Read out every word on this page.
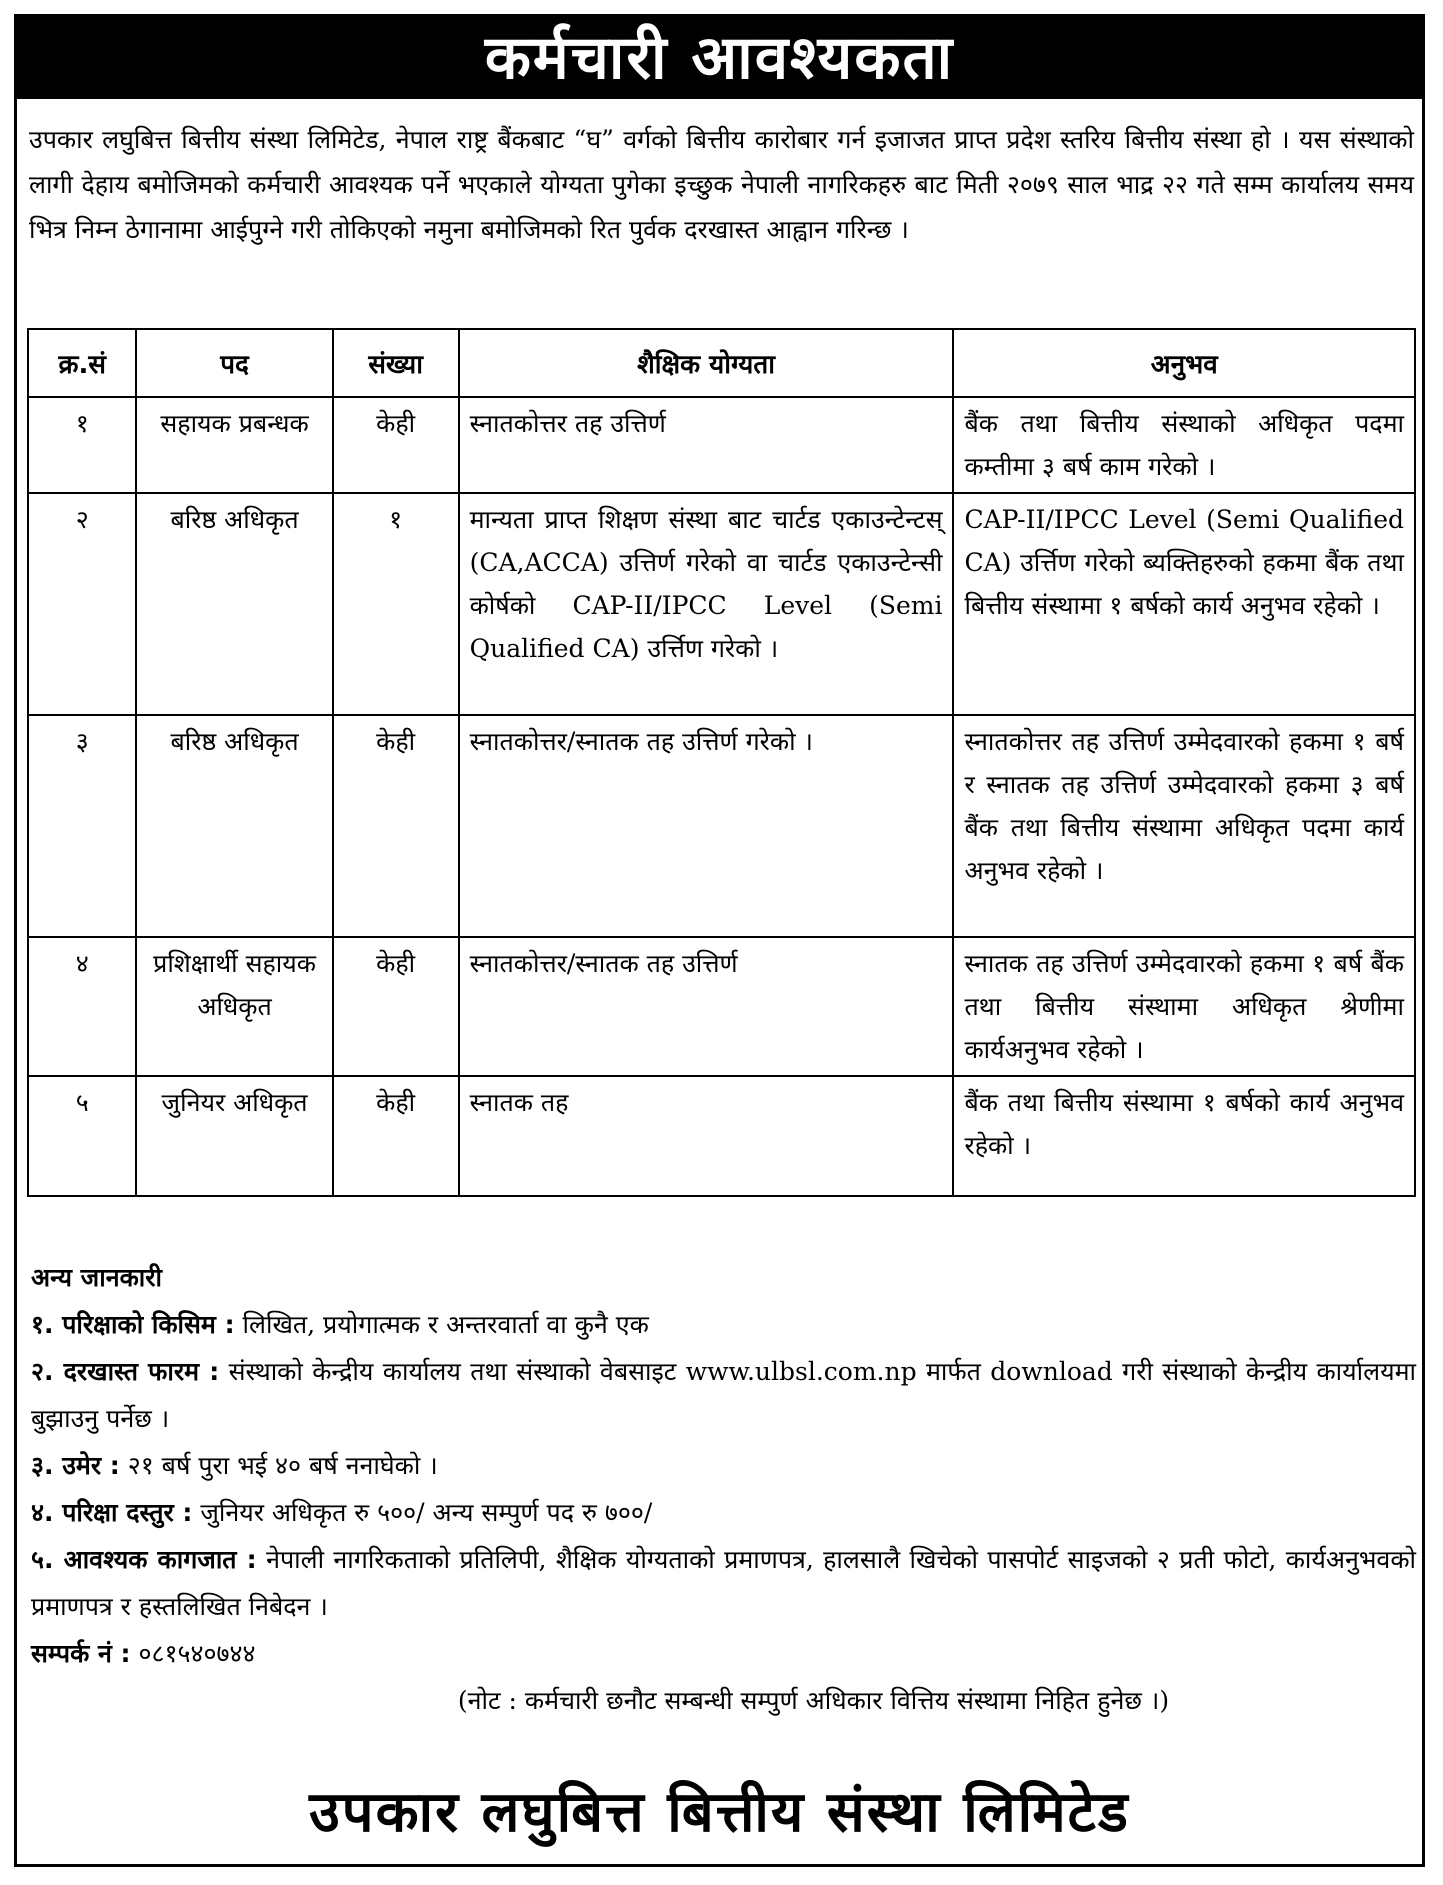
कर्मचारी आवश्यकता
उपकार लघुबित्त बित्तीय संस्था लिमिटेड, नेपाल राष्ट्र बैंकबाट “घ” वर्गको बित्तीय कारोबार गर्न इजाजत प्राप्त प्रदेश स्तरिय बित्तीय संस्था हो । यस संस्थाको लागी देहाय बमोजिमको कर्मचारी आवश्यक पर्ने भएकाले योग्यता पुगेका इच्छुक नेपाली नागरिकहरु बाट मिती २०७९ साल भाद्र २२ गते सम्म कार्यालय समय भित्र निम्न ठेगानामा आईपुग्ने गरी तोकिएको नमुना बमोजिमको रित पुर्वक दरखास्त आह्वान गरिन्छ ।
क्र.सं	पद	संख्या	शैक्षिक योग्यता	अनुभव
१	सहायक प्रबन्धक	केही	स्नातकोत्तर तह उत्तिर्ण	बैंक तथा बित्तीय संस्थाको अधिकृत पदमा कम्तीमा ३ बर्ष काम गरेको ।
२	बरिष्ठ अधिकृत	१	मान्यता प्राप्त शिक्षण संस्था बाट चार्टड एकाउन्टेन्टस् (CA,ACCA) उत्तिर्ण गरेको वा चार्टड एकाउन्टेन्सी कोर्षको CAP-II/IPCC Level (Semi Qualified CA) उर्त्तिण गरेको ।	CAP-II/IPCC Level (Semi Qualified CA) उर्त्तिण गरेको ब्यक्तिहरुको हकमा बैंक तथा बित्तीय संस्थामा १ बर्षको कार्य अनुभव रहेको ।
३	बरिष्ठ अधिकृत	केही	स्नातकोत्तर/स्नातक तह उत्तिर्ण गरेको ।	स्नातकोत्तर तह उत्तिर्ण उम्मेदवारको हकमा १ बर्ष र स्नातक तह उत्तिर्ण उम्मेदवारको हकमा ३ बर्ष बैंक तथा बित्तीय संस्थामा अधिकृत पदमा कार्य अनुभव रहेको ।
४	प्रशिक्षार्थी सहायक अधिकृत	केही	स्नातकोत्तर/स्नातक तह उत्तिर्ण	स्नातक तह उत्तिर्ण उम्मेदवारको हकमा १ बर्ष बैंक तथा बित्तीय संस्थामा अधिकृत श्रेणीमा कार्यअनुभव रहेको ।
५	जुनियर अधिकृत	केही	स्नातक तह	बैंक तथा बित्तीय संस्थामा १ बर्षको कार्य अनुभव रहेको ।
अन्य जानकारी
१. परिक्षाको किसिम : लिखित, प्रयोगात्मक र अन्तरवार्ता वा कुनै एक
२. दरखास्त फारम : संस्थाको केन्द्रीय कार्यालय तथा संस्थाको वेबसाइट www.ulbsl.com.np मार्फत download गरी संस्थाको केन्द्रीय कार्यालयमा बुझाउनु पर्नेछ ।
३. उमेर : २१ बर्ष पुरा भई ४० बर्ष ननाघेको ।
४. परिक्षा दस्तुर : जुनियर अधिकृत रु ५००/ अन्य सम्पुर्ण पद रु ७००/
५. आवश्यक कागजात : नेपाली नागरिकताको प्रतिलिपी, शैक्षिक योग्यताको प्रमाणपत्र, हालसालै खिचेको पासपोर्ट साइजको २ प्रती फोटो, कार्यअनुभवको प्रमाणपत्र र हस्तलिखित निबेदन ।
सम्पर्क नं : ०८१५४०७४४
(नोट : कर्मचारी छनौट सम्बन्धी सम्पुर्ण अधिकार वित्तिय संस्थामा निहित हुनेछ ।)
उपकार लघुबित्त बित्तीय संस्था लिमिटेड
